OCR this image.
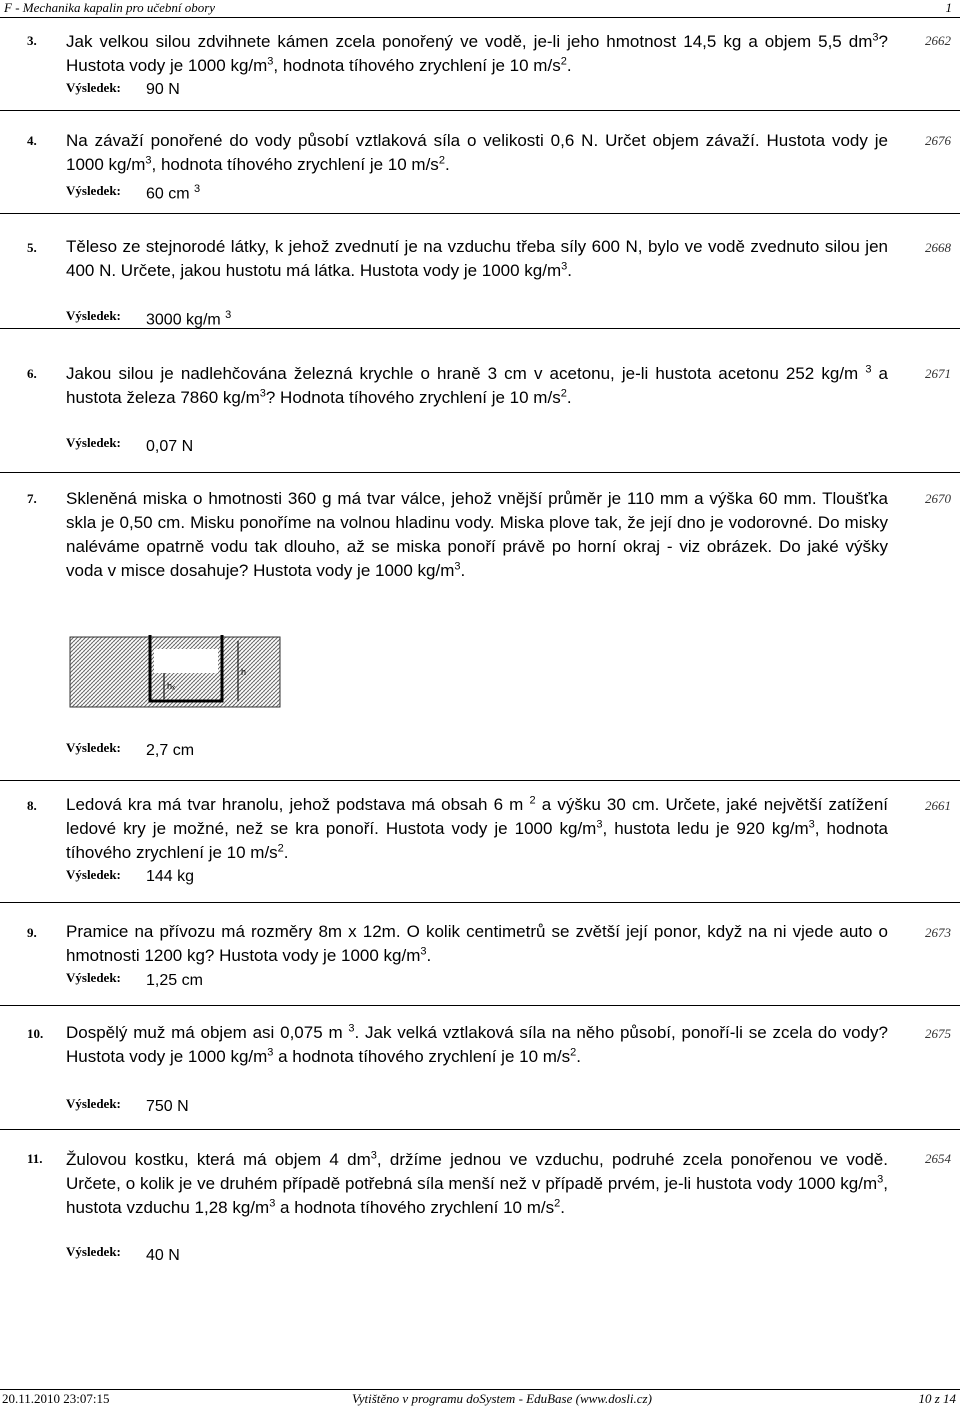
F - Mechanika kapalin pro učební obory	1
3. Jak velkou silou zdvihnete kámen zcela ponořený ve vodě, je-li jeho hmotnost 14,5 kg a objem 5,5 $dm^3$? Hustota vody je 1000 $kg/m^3$, hodnota tíhového zrychlení je 10 $m/s^2$.
2662
Výsledek: 90 N
4. Na závaží ponořené do vody působí vztlaková síla o velikosti 0,6 N. Určet objem závaží. Hustota vody je 1000 $kg/m^3$, hodnota tíhového zrychlení je 10 $m/s^2$.
2676
Výsledek: 60 cm $^3$
5. Těleso ze stejnorodé látky, k jehož zvednutí je na vzduchu třeba síly 600 N, bylo ve vodě zvednuto silou jen 400 N. Určete, jakou hustotu má látka. Hustota vody je 1000 $kg/m^3$.
2668
Výsledek: 3000 kg/m $^3$
6. Jakou silou je nadlehčována železná krychle o hraně 3 cm v acetonu, je-li hustota acetonu 252 kg/m $^3$ a hustota železa 7860 $kg/m^3$? Hodnota tíhového zrychlení je 10 $m/s^2$.
2671
Výsledek: 0,07 N
7. Skleněná miska o hmotnosti 360 g má tvar válce, jehož vnější průměr je 110 mm a výška 60 mm. Tloušťka skla je 0,50 cm. Misku ponoříme na volnou hladinu vody. Miska plove tak, že její dno je vodorovné. Do misky naléváme opatrně vodu tak dlouho, až se miska ponoří právě po horní okraj - viz obrázek. Do jaké výšky voda v misce dosahuje? Hustota vody je 1000 $kg/m^3$.
2670
Výsledek: 2,7 cm
hₓ
h
8. Ledová kra má tvar hranolu, jehož podstava má obsah 6 m $^2$ a výšku 30 cm. Určete, jaké největší zatížení ledové kry je možné, než se kra ponoří. Hustota vody je 1000 $kg/m^3$, hustota ledu je 920 $kg/m^3$, hodnota tíhového zrychlení je 10 $m/s^2$.
2661
Výsledek: 144 kg
9. Pramice na přívozu má rozměry 8m x 12m. O kolik centimetrů se zvětší její ponor, když na ni vjede auto o hmotnosti 1200 kg? Hustota vody je 1000 $kg/m^3$.
2673
Výsledek: 1,25 cm
10. Dospělý muž má objem asi 0,075 m $^3$. Jak velká vztlaková síla na něho působí, ponoří-li se zcela do vody? Hustota vody je 1000 $kg/m^3$ a hodnota tíhového zrychlení je 10 $m/s^2$.
2675
Výsledek: 750 N
11. Žulovou kostku, která má objem 4 $dm^3$, držíme jednou ve vzduchu, podruhé zcela ponořenou ve vodě. Určete, o kolik je ve druhém případě potřebná síla menší než v případě prvém, je-li hustota vody 1000 $kg/m^3$, hustota vzduchu 1,28 $kg/m^3$ a hodnota tíhového zrychlení 10 $m/s^2$.
2654
Výsledek: 40 N
20.11.2010 23:07:15	Vytištěno v programu doSystem - EduBase (www.dosli.cz)	10 z 14
